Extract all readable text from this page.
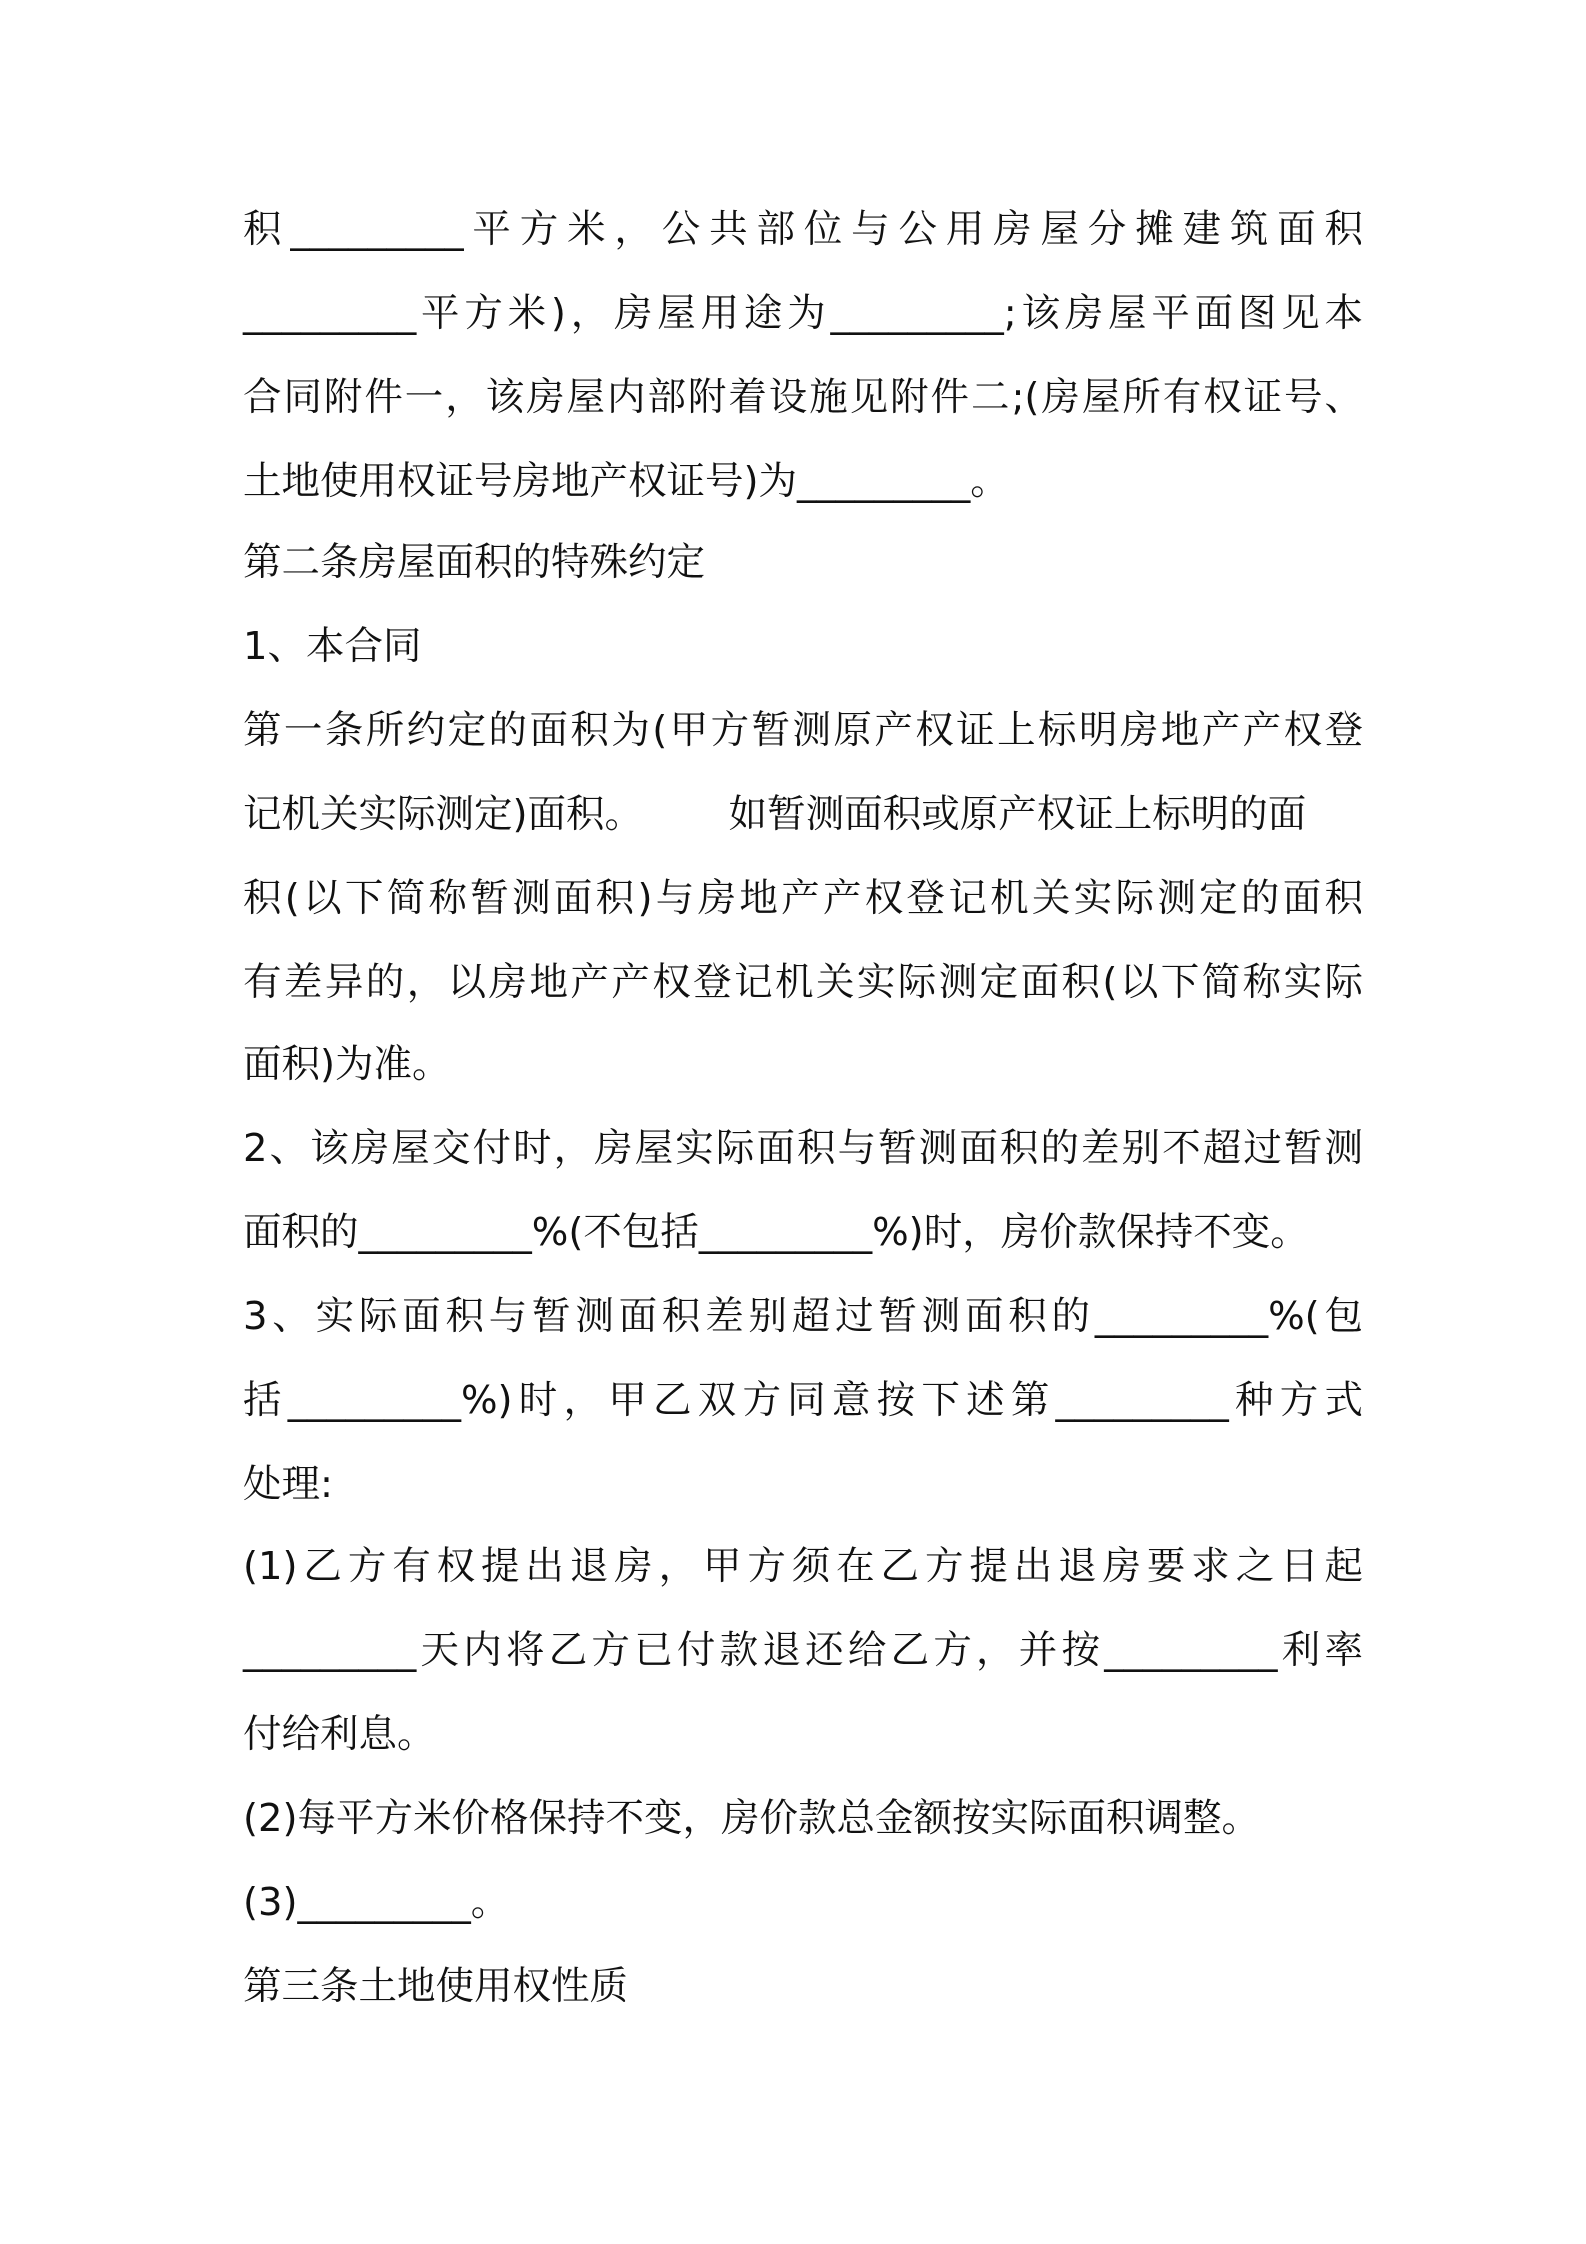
积_________平方米，公共部位与公用房屋分摊建筑面积
_________平方米)，房屋用途为_________;该房屋平面图见本
合同附件一，该房屋内部附着设施见附件二;(房屋所有权证号、
土地使用权证号房地产权证号)为_________。
第二条房屋面积的特殊约定
1、本合同
第一条所约定的面积为(甲方暂测原产权证上标明房地产产权登
记机关实际测定)面积。       如暂测面积或原产权证上标明的面
积(以下简称暂测面积)与房地产产权登记机关实际测定的面积
有差异的，以房地产产权登记机关实际测定面积(以下简称实际
面积)为准。
2、该房屋交付时，房屋实际面积与暂测面积的差别不超过暂测
面积的_________%(不包括_________%)时，房价款保持不变。
3、实际面积与暂测面积差别超过暂测面积的_________%(包
括_________%)时，甲乙双方同意按下述第_________种方式
处理:
(1)乙方有权提出退房，甲方须在乙方提出退房要求之日起
_________天内将乙方已付款退还给乙方，并按_________利率
付给利息。
(2)每平方米价格保持不变，房价款总金额按实际面积调整。
(3)_________。
第三条土地使用权性质
